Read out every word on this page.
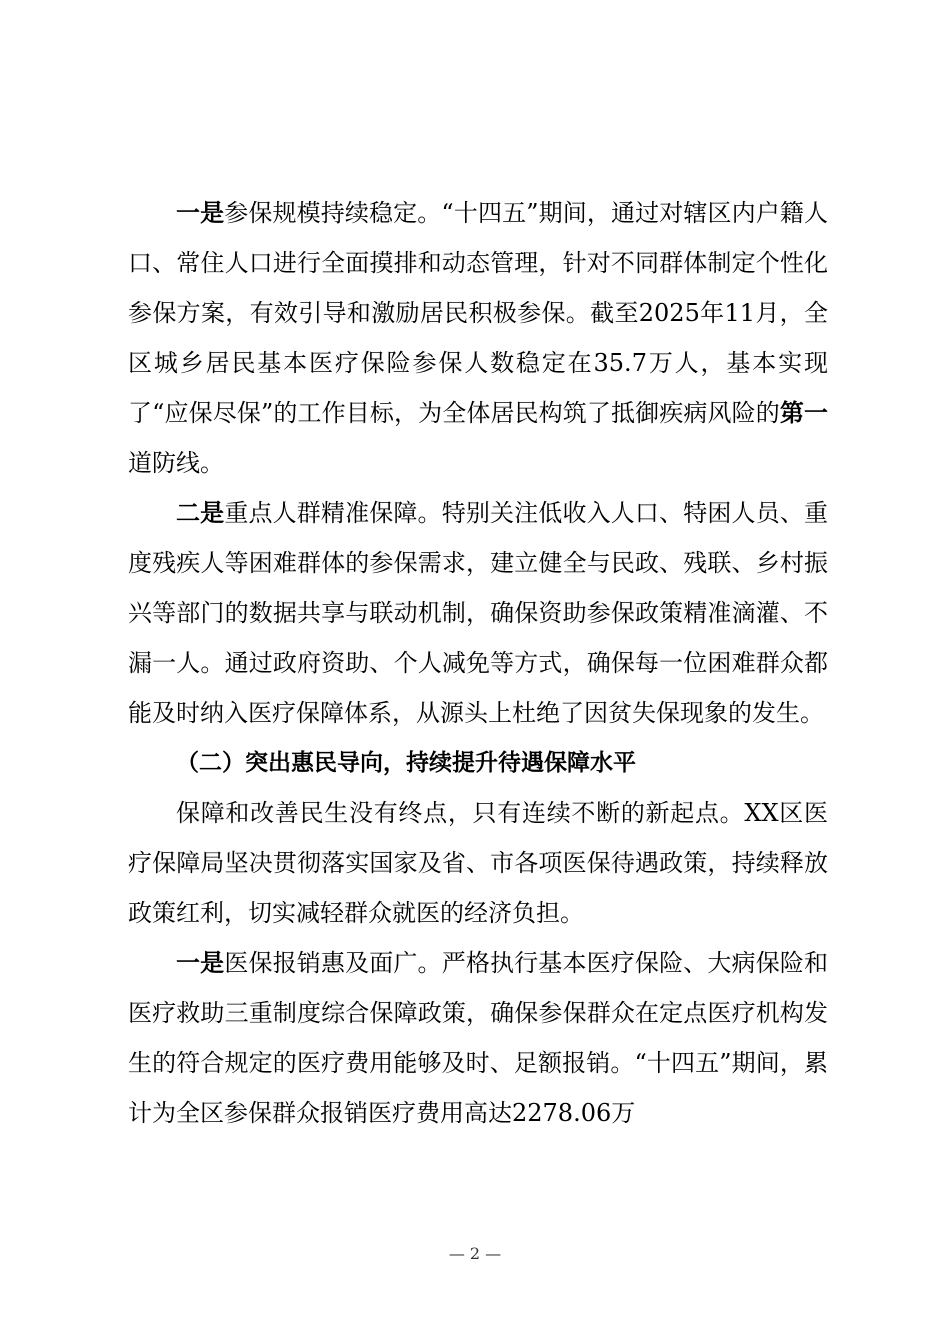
一是参保规模持续稳定。“十四五”期间，通过对辖区内户籍人口、常住人口进行全面摸排和动态管理，针对不同群体制定个性化参保方案，有效引导和激励居民积极参保。截至2025年11月，全区城乡居民基本医疗保险参保人数稳定在35.7万人，基本实现了“应保尽保”的工作目标，为全体居民构筑了抵御疾病风险的第一道防线。

二是重点人群精准保障。特别关注低收入人口、特困人员、重度残疾人等困难群体的参保需求，建立健全与民政、残联、乡村振兴等部门的数据共享与联动机制，确保资助参保政策精准滴灌、不漏一人。通过政府资助、个人减免等方式，确保每一位困难群众都能及时纳入医疗保障体系，从源头上杜绝了因贫失保现象的发生。

（二）突出惠民导向，持续提升待遇保障水平

保障和改善民生没有终点，只有连续不断的新起点。XX区医疗保障局坚决贯彻落实国家及省、市各项医保待遇政策，持续释放政策红利，切实减轻群众就医的经济负担。

一是医保报销惠及面广。严格执行基本医疗保险、大病保险和医疗救助三重制度综合保障政策，确保参保群众在定点医疗机构发生的符合规定的医疗费用能够及时、足额报销。“十四五”期间，累计为全区参保群众报销医疗费用高达2278.06万

— 2 —
